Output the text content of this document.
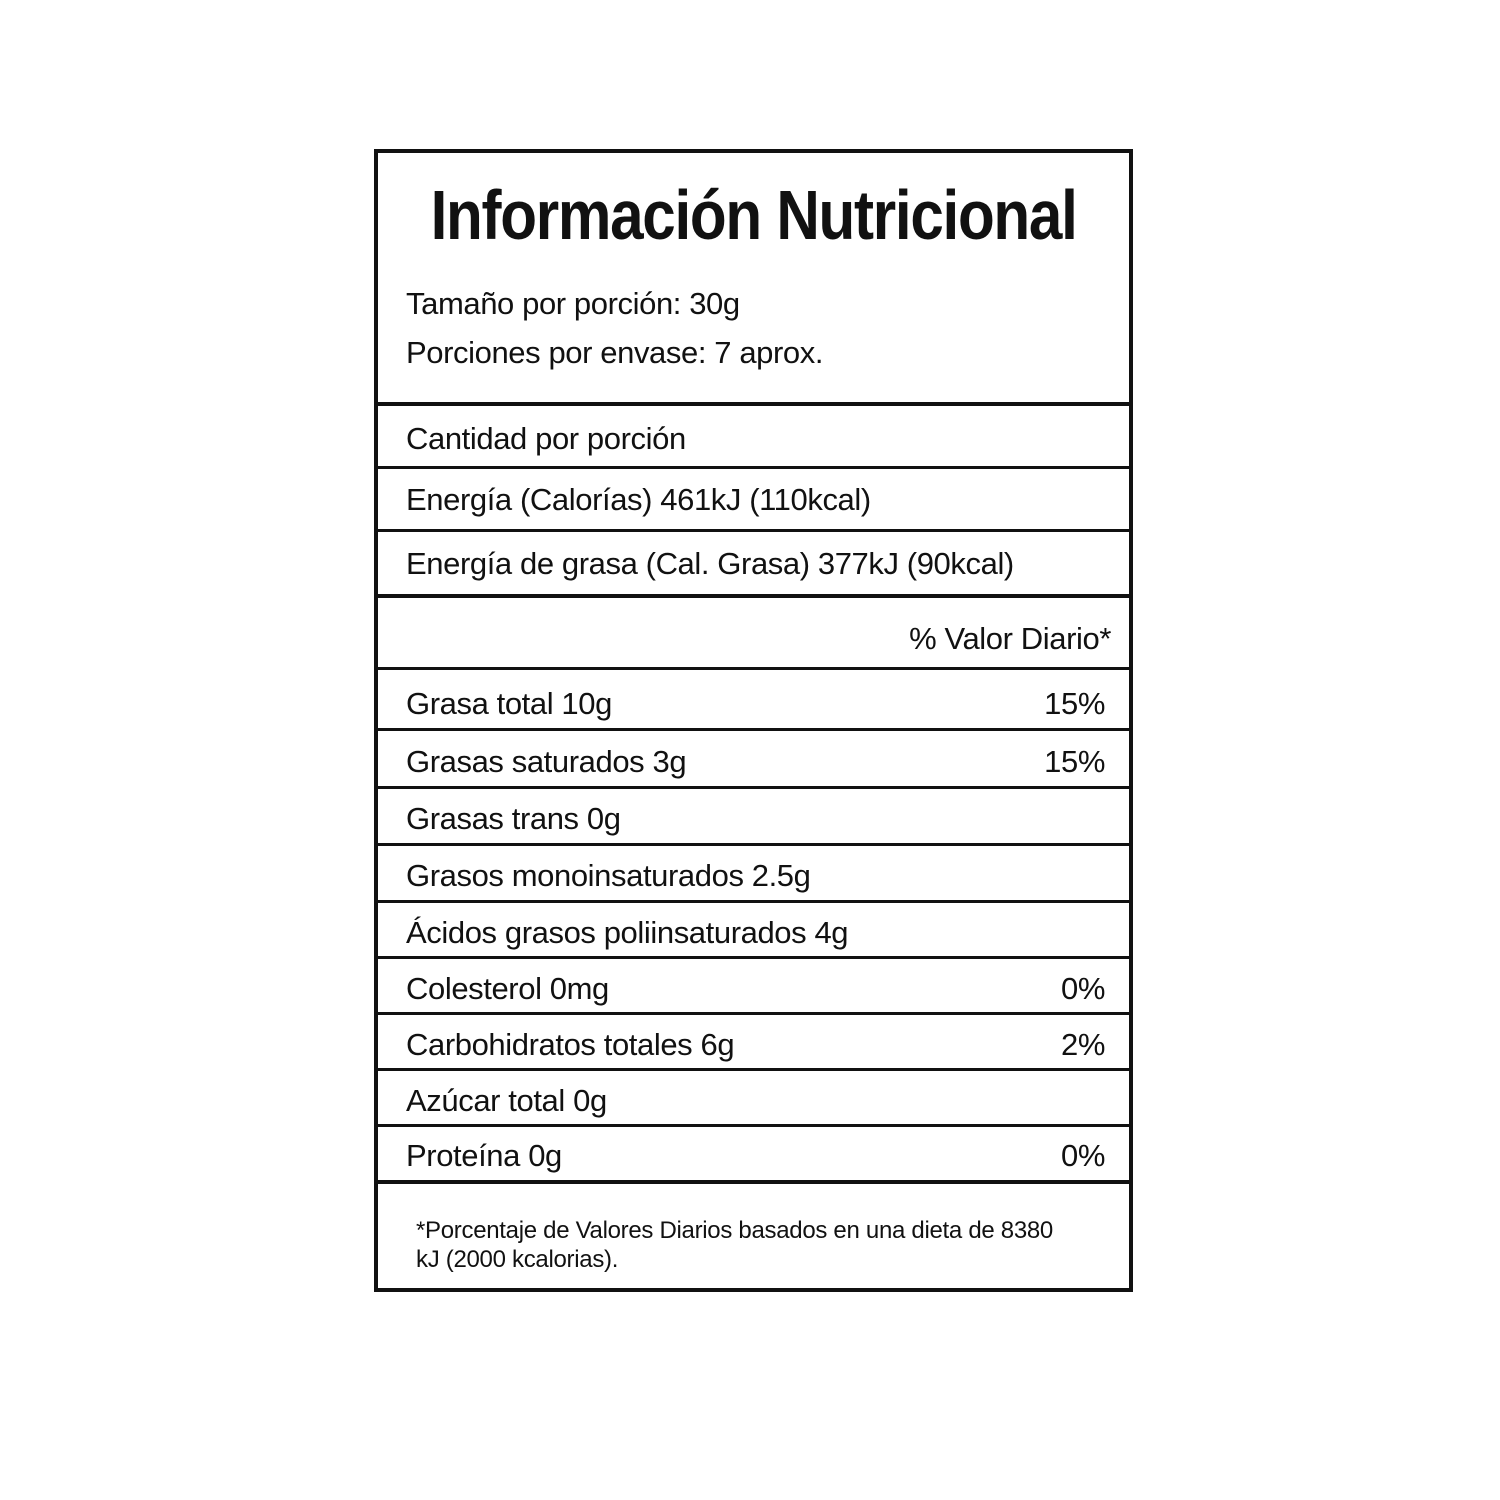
Información Nutricional
Tamaño por porción: 30g
Porciones por envase: 7 aprox.
Cantidad por porción
Energía (Calorías) 461kJ (110kcal)
Energía de grasa (Cal. Grasa) 377kJ (90kcal)
% Valor Diario*
Grasa total 10g	15%
Grasas saturados 3g	15%
Grasas trans 0g
Grasos monoinsaturados 2.5g
Ácidos grasos poliinsaturados 4g
Colesterol 0mg	0%
Carbohidratos totales 6g	2%
Azúcar total 0g
Proteína 0g	0%
*Porcentaje de Valores Diarios basados en una dieta de 8380 kJ (2000 kcalorias).
